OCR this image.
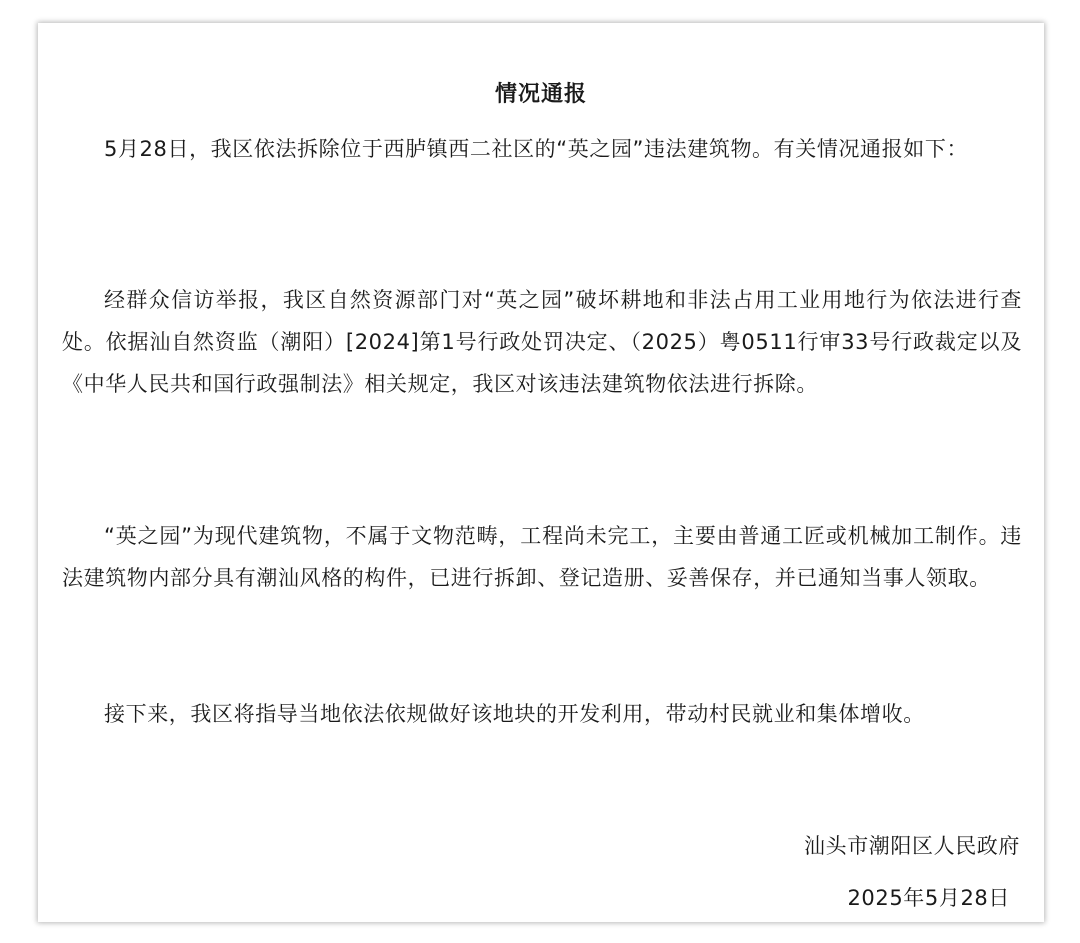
情况通报

5月28日，我区依法拆除位于西胪镇西二社区的“英之园”违法建筑物。有关情况通报如下：

经群众信访举报，我区自然资源部门对“英之园”破坏耕地和非法占用工业用地行为依法进行查处。依据汕自然资监（潮阳）[2024]第1号行政处罚决定、（2025）粤0511行审33号行政裁定以及《中华人民共和国行政强制法》相关规定，我区对该违法建筑物依法进行拆除。

“英之园”为现代建筑物，不属于文物范畴，工程尚未完工，主要由普通工匠或机械加工制作。违法建筑物内部分具有潮汕风格的构件，已进行拆卸、登记造册、妥善保存，并已通知当事人领取。

接下来，我区将指导当地依法依规做好该地块的开发利用，带动村民就业和集体增收。

汕头市潮阳区人民政府
2025年5月28日
